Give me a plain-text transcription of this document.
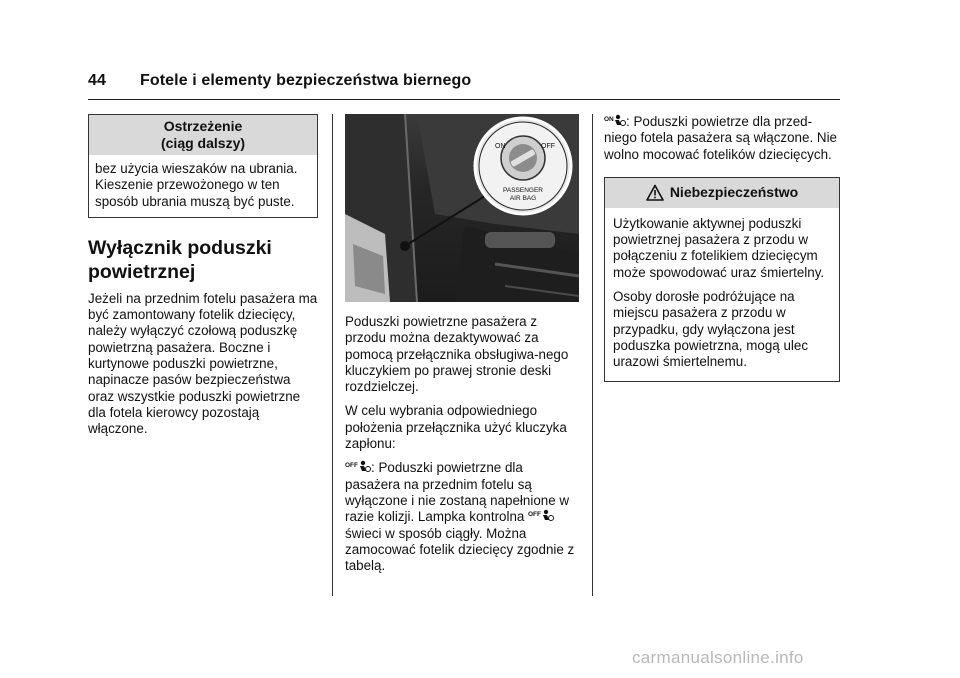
44 Fotele i elementy bezpieczeństwa biernego
Ostrzeżenie
(ciąg dalszy)

bez użycia wieszaków na ubrania. Kieszenie przewożonego w ten sposób ubrania muszą być puste.

Wyłącznik poduszki powietrznej

Jeżeli na przednim fotelu pasażera ma być zamontowany fotelik dziecięcy, należy wyłączyć czołową poduszkę powietrzną pasażera. Boczne i kurtynowe poduszki powietrzne, napinacze pasów bezpieczeństwa oraz wszystkie poduszki powietrzne dla fotela kierowcy pozostają włączone.

ON	OFF
PASSENGER
AIR BAG

Poduszki powietrzne pasażera z przodu można dezaktywować za pomocą przełącznika obsługiwa-nego kluczykiem po prawej stronie deski rozdzielczej.

W celu wybrania odpowiedniego położenia przełącznika użyć kluczyka zapłonu:

OFF : Poduszki powietrzne dla pasażera na przednim fotelu są wyłączone i nie zostaną napełnione w razie kolizji. Lampka kontrolna OFF
świeci w sposób ciągły. Można zamocować fotelik dziecięcy zgodnie z tabelą.

ON : Poduszki powietrze dla przed-niego fotela pasażera są włączone. Nie wolno mocować fotelików dziecięcych.

Niebezpieczeństwo

Użytkowanie aktywnej poduszki powietrznej pasażera z przodu w połączeniu z fotelikiem dziecięcym może spowodować uraz śmiertelny.

Osoby dorosłe podróżujące na miejscu pasażera z przodu w przypadku, gdy wyłączona jest poduszka powietrzna, mogą ulec urazowi śmiertelnemu.

carmanualsonline.info
